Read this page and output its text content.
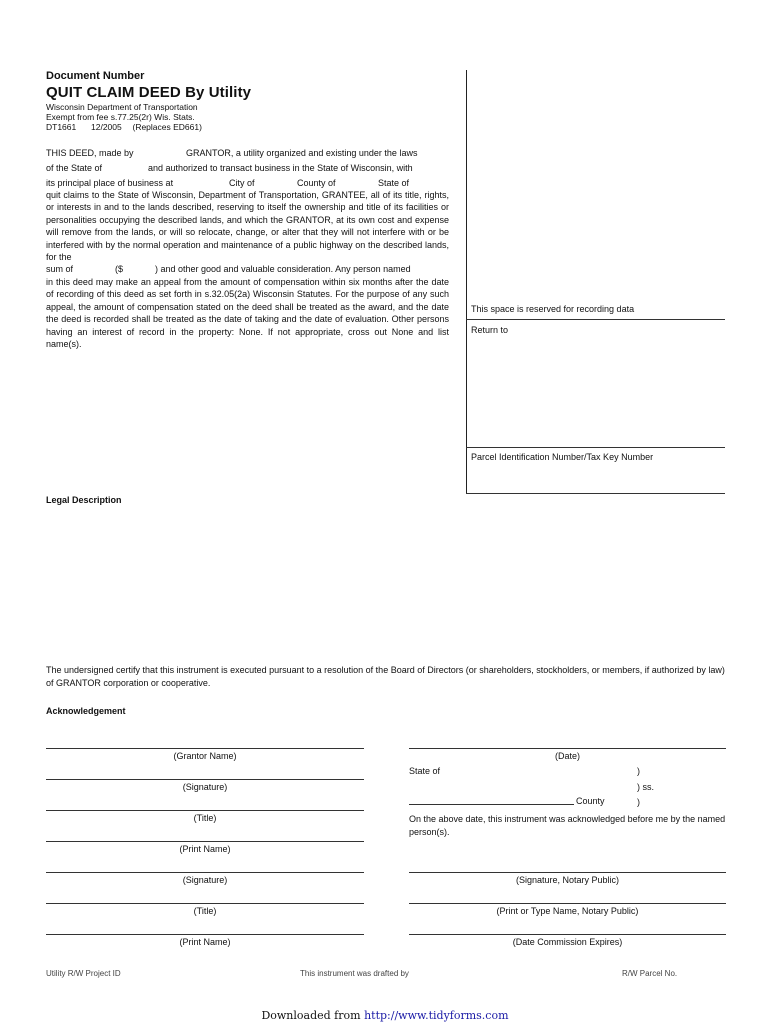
Document Number
QUIT CLAIM DEED By Utility
Wisconsin Department of Transportation
Exempt from fee s.77.25(2r) Wis. Stats.
DT1661 12/2005 (Replaces ED661)
THIS DEED, made by	GRANTOR, a utility organized and existing under the laws
of the State of	and authorized to transact business in the State of Wisconsin, with
its principal place of business at	City of	County of	State of
quit claims to the State of Wisconsin, Department of Transportation, GRANTEE, all of its title, rights, or interests in and to the lands described, reserving to itself the ownership and title of its facilities or personalities occupying the described lands, and which the GRANTOR, at its own cost and expense will remove from the lands, or will so relocate, change, or alter that they will not interfere with or be interfered with by the normal operation and maintenance of a public highway on the described lands, for the
sum of	($	) and other good and valuable consideration. Any person named
in this deed may make an appeal from the amount of compensation within six months after the date of recording of this deed as set forth in s.32.05(2a) Wisconsin Statutes. For the purpose of any such appeal, the amount of compensation stated on the deed shall be treated as the award, and the date the deed is recorded shall be treated as the date of taking and the date of evaluation. Other persons having an interest of record in the property: None. If not appropriate, cross out None and list name(s).
This space is reserved for recording data
Return to
Parcel Identification Number/Tax Key Number
Legal Description
The undersigned certify that this instrument is executed pursuant to a resolution of the Board of Directors (or shareholders, stockholders, or members, if authorized by law) of GRANTOR corporation or cooperative.
Acknowledgement
(Grantor Name)
(Signature)
(Title)
(Print Name)
(Signature)
(Title)
(Print Name)
(Date)
State of	)
) ss.
County	)
On the above date, this instrument was acknowledged before me by the named person(s).
(Signature, Notary Public)
(Print or Type Name, Notary Public)
(Date Commission Expires)
Utility R/W Project ID	This instrument was drafted by	R/W Parcel No.
Downloaded from http://www.tidyforms.com
